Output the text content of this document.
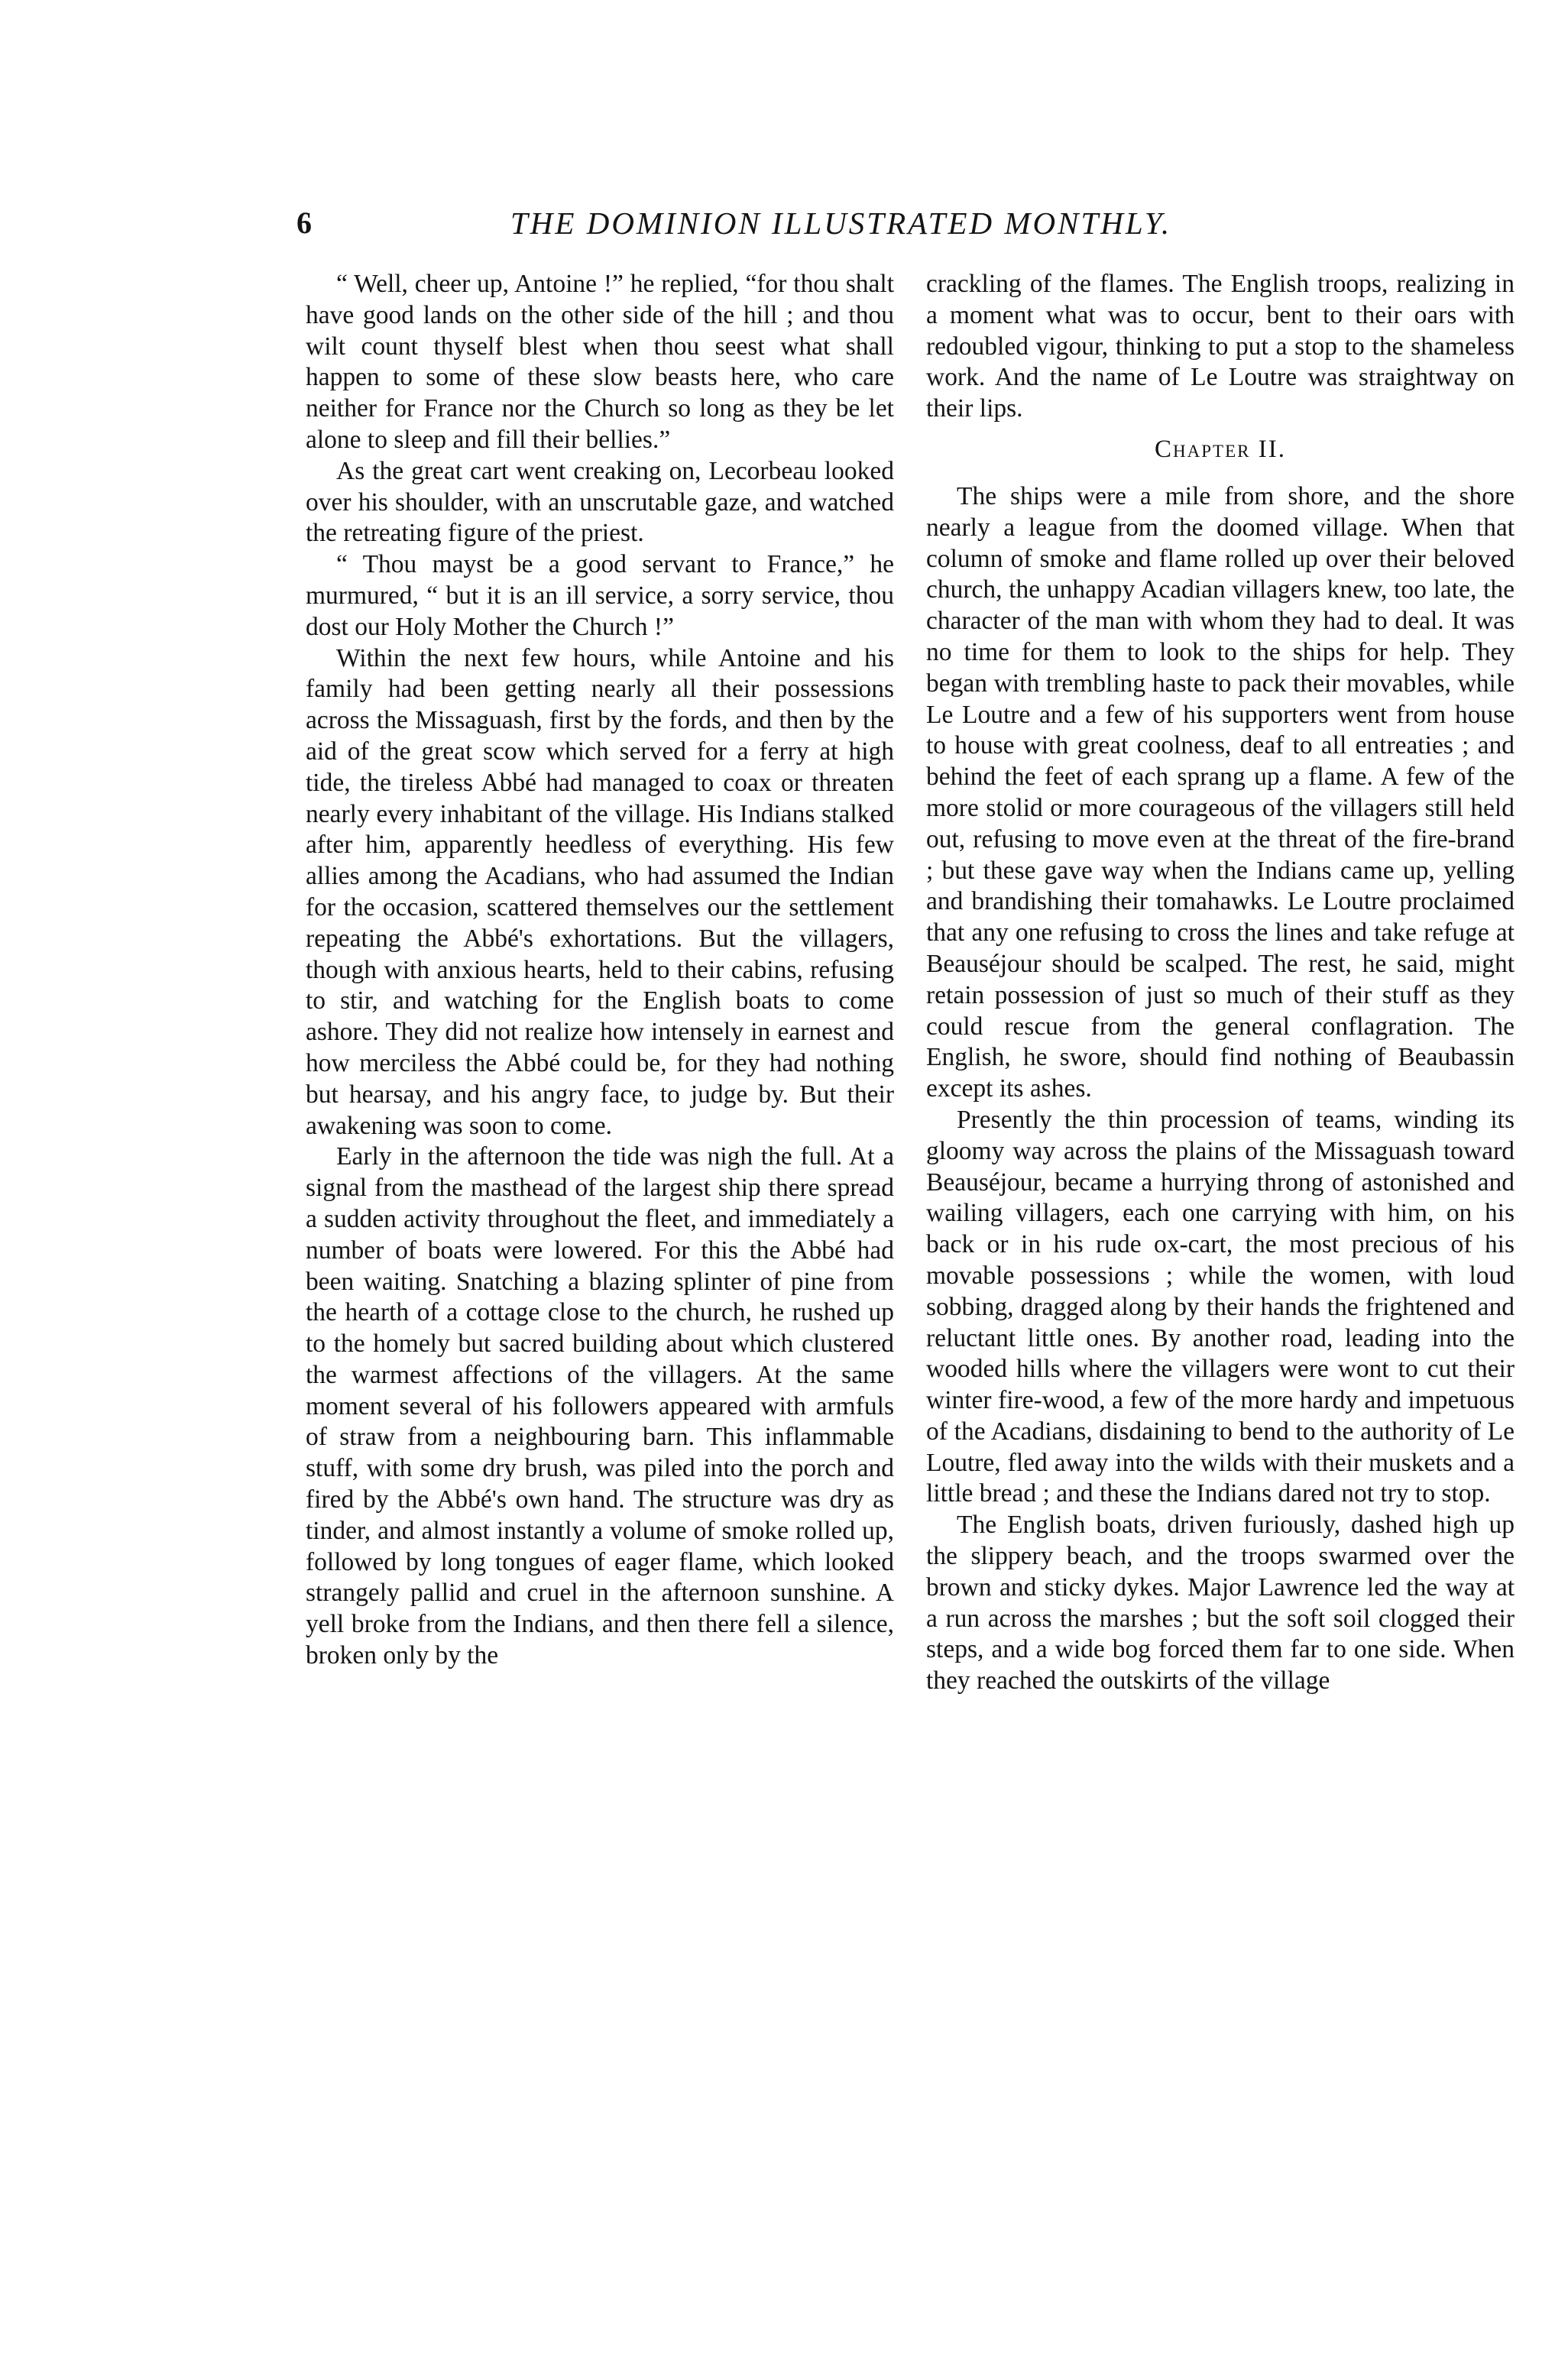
6	THE DOMINION ILLUSTRATED MONTHLY.

“ Well, cheer up, Antoine !” he replied, “for thou shalt have good lands on the other side of the hill ; and thou wilt count thyself blest when thou seest what shall happen to some of these slow beasts here, who care neither for France nor the Church so long as they be let alone to sleep and fill their bellies.”

As the great cart went creaking on, Lecorbeau looked over his shoulder, with an unscrutable gaze, and watched the retreating figure of the priest.

“ Thou mayst be a good servant to France,” he murmured, “ but it is an ill service, a sorry service, thou dost our Holy Mother the Church !”

Within the next few hours, while Antoine and his family had been getting nearly all their possessions across the Missaguash, first by the fords, and then by the aid of the great scow which served for a ferry at high tide, the tireless Abbé had managed to coax or threaten nearly every inhabitant of the village. His Indians stalked after him, apparently heedless of everything. His few allies among the Acadians, who had assumed the Indian for the occasion, scattered themselves our the settlement repeating the Abbé's exhortations. But the villagers, though with anxious hearts, held to their cabins, refusing to stir, and watching for the English boats to come ashore. They did not realize how intensely in earnest and how merciless the Abbé could be, for they had nothing but hearsay, and his angry face, to judge by. But their awakening was soon to come.

Early in the afternoon the tide was nigh the full. At a signal from the masthead of the largest ship there spread a sudden activity throughout the fleet, and immediately a number of boats were lowered. For this the Abbé had been waiting. Snatching a blazing splinter of pine from the hearth of a cottage close to the church, he rushed up to the homely but sacred building about which clustered the warmest affections of the villagers. At the same moment several of his followers appeared with armfuls of straw from a neighbouring barn. This inflammable stuff, with some dry brush, was piled into the porch and fired by the Abbé's own hand. The structure was dry as tinder, and almost instantly a volume of smoke rolled up, followed by long tongues of eager flame, which looked strangely pallid and cruel in the afternoon sunshine. A yell broke from the Indians, and then there fell a silence, broken only by the

crackling of the flames. The English troops, realizing in a moment what was to occur, bent to their oars with redoubled vigour, thinking to put a stop to the shameless work. And the name of Le Loutre was straightway on their lips.

Chapter II.

The ships were a mile from shore, and the shore nearly a league from the doomed village. When that column of smoke and flame rolled up over their beloved church, the unhappy Acadian villagers knew, too late, the character of the man with whom they had to deal. It was no time for them to look to the ships for help. They began with trembling haste to pack their movables, while Le Loutre and a few of his supporters went from house to house with great coolness, deaf to all entreaties ; and behind the feet of each sprang up a flame. A few of the more stolid or more courageous of the villagers still held out, refusing to move even at the threat of the fire-brand ; but these gave way when the Indians came up, yelling and brandishing their tomahawks. Le Loutre proclaimed that any one refusing to cross the lines and take refuge at Beauséjour should be scalped. The rest, he said, might retain possession of just so much of their stuff as they could rescue from the general conflagration. The English, he swore, should find nothing of Beaubassin except its ashes.

Presently the thin procession of teams, winding its gloomy way across the plains of the Missaguash toward Beauséjour, became a hurrying throng of astonished and wailing villagers, each one carrying with him, on his back or in his rude ox-cart, the most precious of his movable possessions ; while the women, with loud sobbing, dragged along by their hands the frightened and reluctant little ones. By another road, leading into the wooded hills where the villagers were wont to cut their winter fire-wood, a few of the more hardy and impetuous of the Acadians, disdaining to bend to the authority of Le Loutre, fled away into the wilds with their muskets and a little bread ; and these the Indians dared not try to stop.

The English boats, driven furiously, dashed high up the slippery beach, and the troops swarmed over the brown and sticky dykes. Major Lawrence led the way at a run across the marshes ; but the soft soil clogged their steps, and a wide bog forced them far to one side. When they reached the outskirts of the village
